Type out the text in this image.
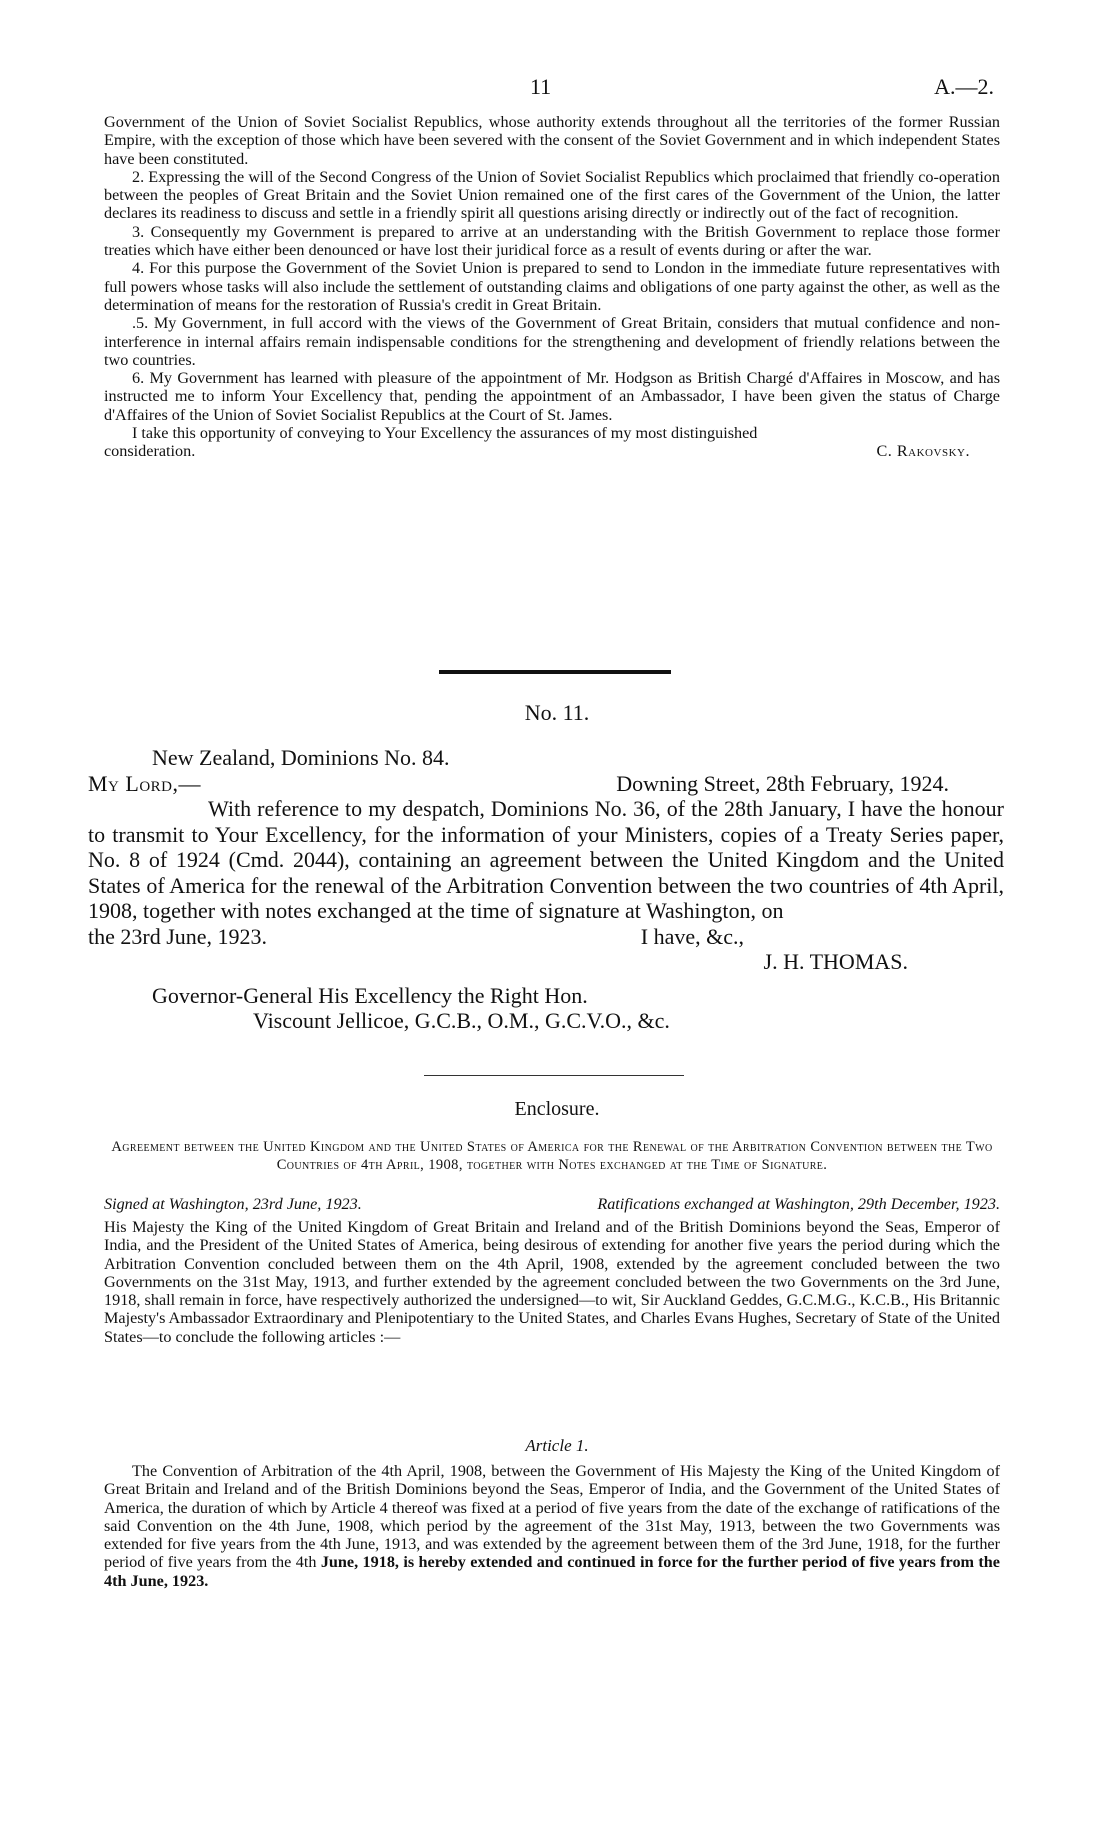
11	A.—2.

Government of the Union of Soviet Socialist Republics, whose authority extends throughout all the territories of the former Russian Empire, with the exception of those which have been severed with the consent of the Soviet Government and in which independent States have been constituted.

2. Expressing the will of the Second Congress of the Union of Soviet Socialist Republics which proclaimed that friendly co-operation between the peoples of Great Britain and the Soviet Union remained one of the first cares of the Government of the Union, the latter declares its readiness to discuss and settle in a friendly spirit all questions arising directly or indirectly out of the fact of recognition.

3. Consequently my Government is prepared to arrive at an understanding with the British Government to replace those former treaties which have either been denounced or have lost their juridical force as a result of events during or after the war.

4. For this purpose the Government of the Soviet Union is prepared to send to London in the immediate future representatives with full powers whose tasks will also include the settlement of outstanding claims and obligations of one party against the other, as well as the determination of means for the restoration of Russia's credit in Great Britain.

.5. My Government, in full accord with the views of the Government of Great Britain, considers that mutual confidence and non-interference in internal affairs remain indispensable conditions for the strengthening and development of friendly relations between the two countries.

6. My Government has learned with pleasure of the appointment of Mr. Hodgson as British Chargé d'Affaires in Moscow, and has instructed me to inform Your Excellency that, pending the appointment of an Ambassador, I have been given the status of Charge d'Affaires of the Union of Soviet Socialist Republics at the Court of St. James.

I take this opportunity of conveying to Your Excellency the assurances of my most distinguished

consideration.	C. Rakovsky.
No. 11.

New Zealand, Dominions No. 84.

My Lord,—	Downing Street, 28th February, 1924.

With reference to my despatch, Dominions No. 36, of the 28th January, I have the honour to transmit to Your Excellency, for the information of your Ministers, copies of a Treaty Series paper, No. 8 of 1924 (Cmd. 2044), containing an agreement between the United Kingdom and the United States of America for the renewal of the Arbitration Convention between the two countries of 4th April, 1908, together with notes exchanged at the time of signature at Washington, on

the 23rd June, 1923.	I have, &c.,

J. H. THOMAS.

Governor-General His Excellency the Right Hon.

Viscount Jellicoe, G.C.B., O.M., G.C.V.O., &c.

Enclosure.
Agreement between the United Kingdom and the United States of America for the Renewal of the Arbitration Convention between the Two Countries of 4th April, 1908, together with Notes exchanged at the Time of Signature.
Signed at Washington, 23rd June, 1923.	Ratifications exchanged at Washington, 29th December, 1923.

His Majesty the King of the United Kingdom of Great Britain and Ireland and of the British Dominions beyond the Seas, Emperor of India, and the President of the United States of America, being desirous of extending for another five years the period during which the Arbitration Convention concluded between them on the 4th April, 1908, extended by the agreement concluded between the two Governments on the 31st May, 1913, and further extended by the agreement concluded between the two Governments on the 3rd June, 1918, shall remain in force, have respectively authorized the undersigned—to wit, Sir Auckland Geddes, G.C.M.G., K.C.B., His Britannic Majesty's Ambassador Extraordinary and Plenipotentiary to the United States, and Charles Evans Hughes, Secretary of State of the United States—to conclude the following articles :—

Article 1.

The Convention of Arbitration of the 4th April, 1908, between the Government of His Majesty the King of the United Kingdom of Great Britain and Ireland and of the British Dominions beyond the Seas, Emperor of India, and the Government of the United States of America, the duration of which by Article 4 thereof was fixed at a period of five years from the date of the exchange of ratifications of the said Convention on the 4th June, 1908, which period by the agreement of the 31st May, 1913, between the two Governments was extended for five years from the 4th June, 1913, and was extended by the agreement between them of the 3rd June, 1918, for the further period of five years from the 4th June, 1918, is hereby extended and continued in force for the further period of five years from the 4th June, 1923.
